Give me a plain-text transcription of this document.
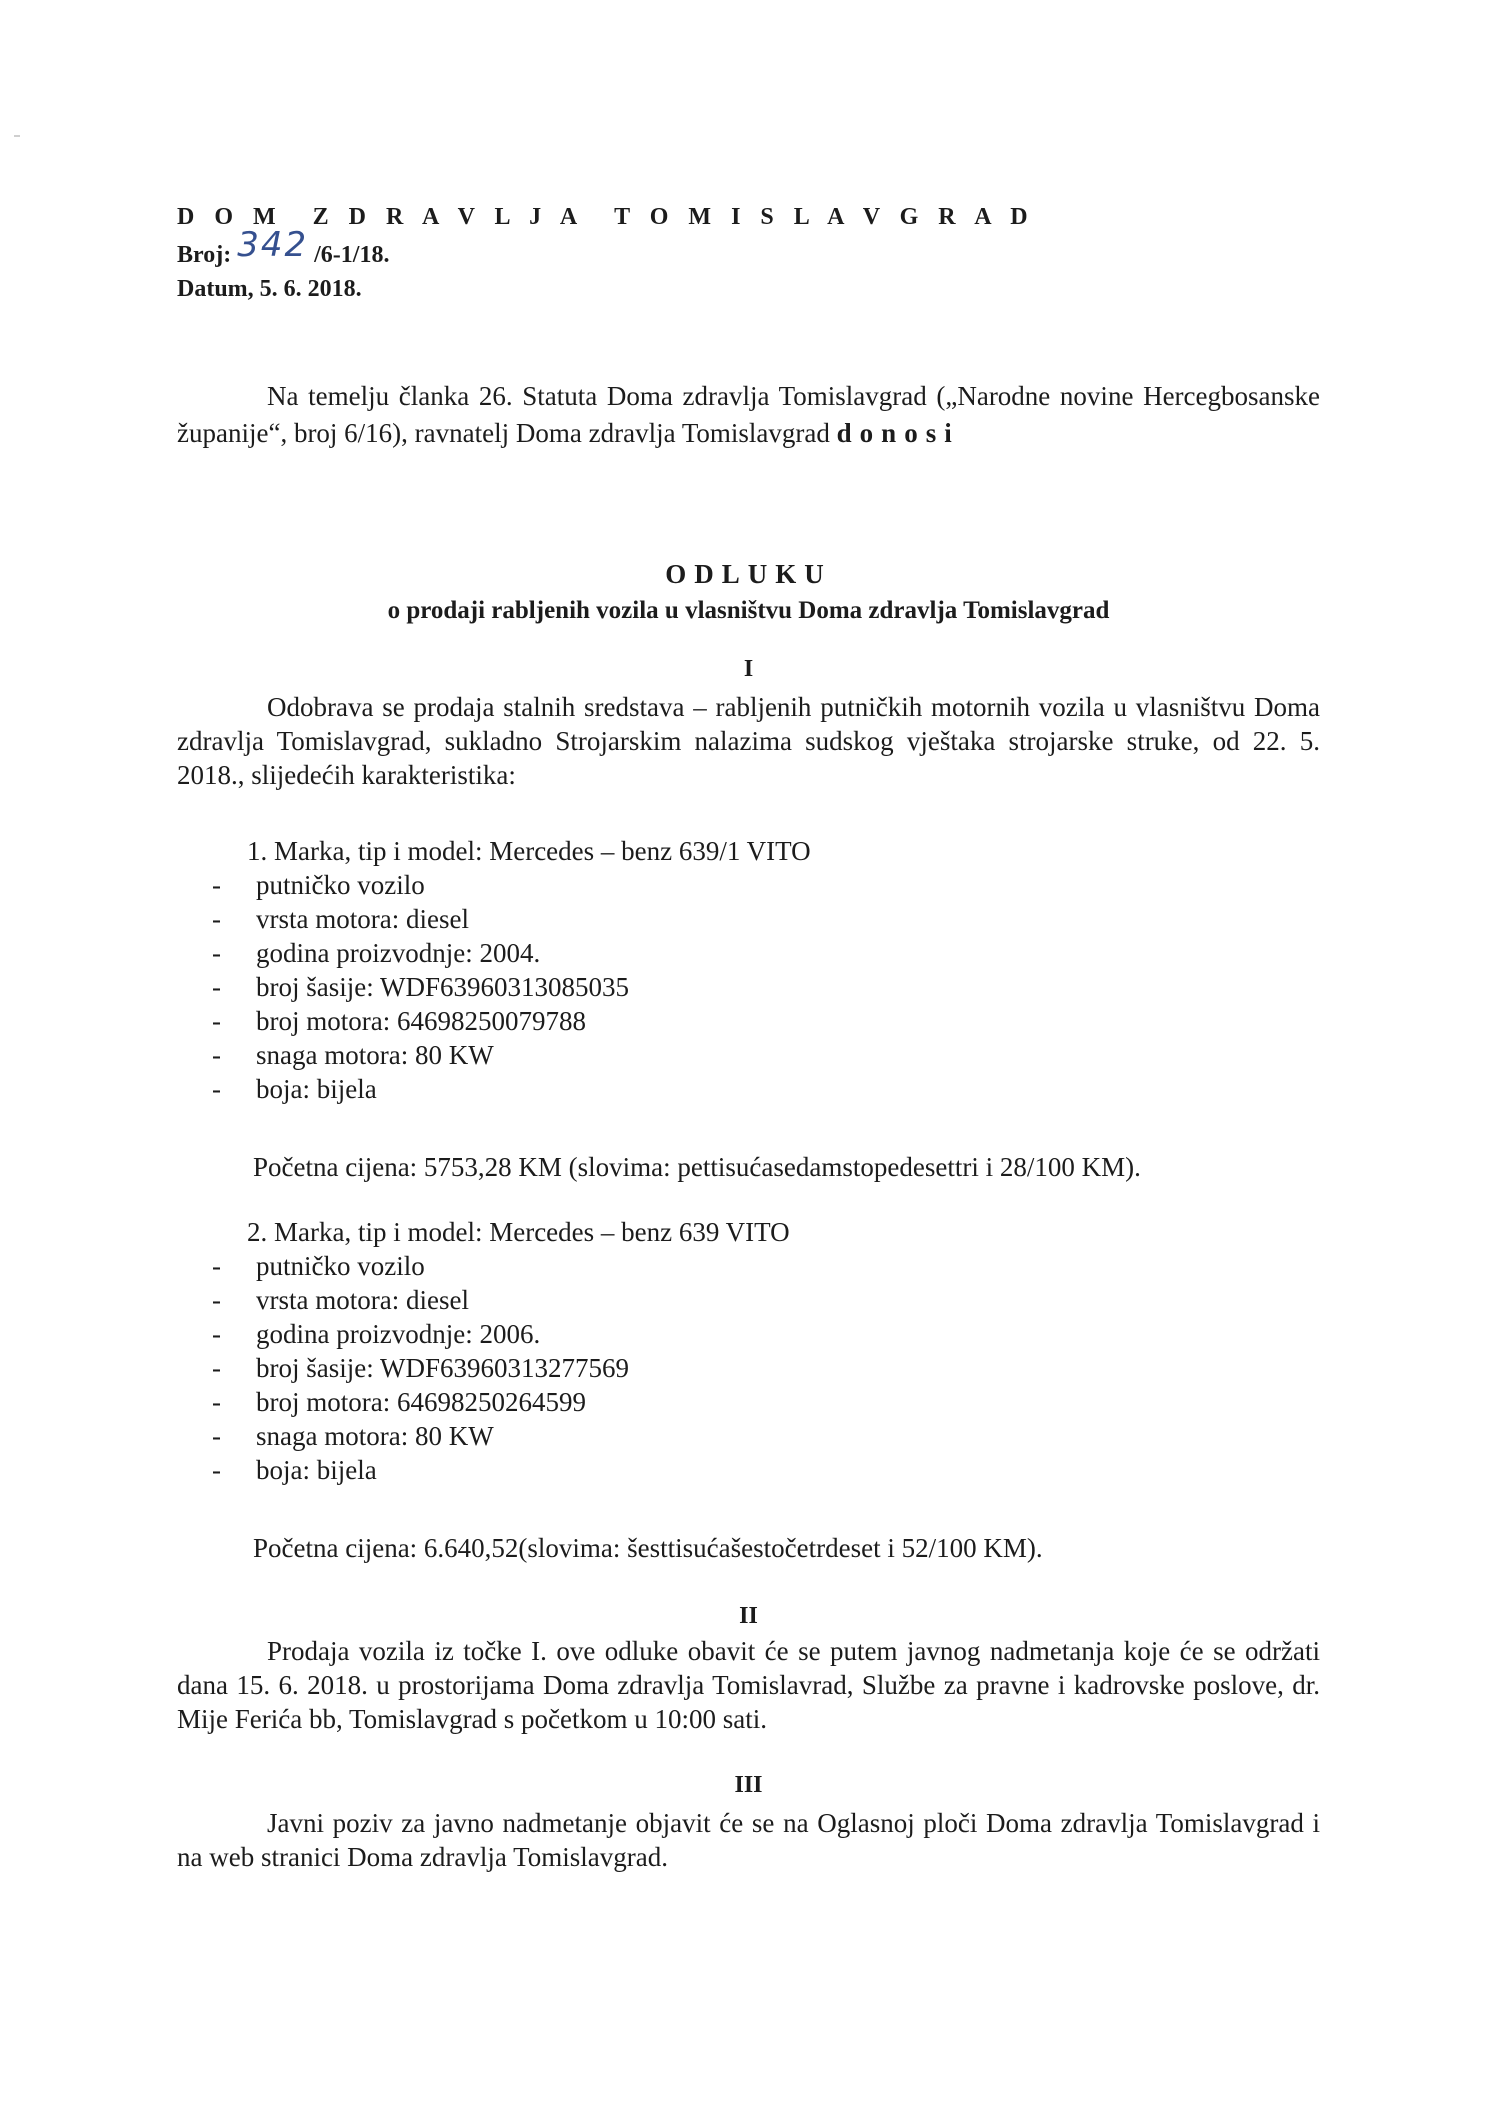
D O M Z D R A V L J A T O M I S L A V G R A D
Broj: 342 /6-1/18.
Datum, 5. 6. 2018.
Na temelju članka 26. Statuta Doma zdravlja Tomislavgrad („Narodne novine Hercegbosanske županije“, broj 6/16), ravnatelj Doma zdravlja Tomislavgrad donosi
ODLUKU
o prodaji rabljenih vozila u vlasništvu Doma zdravlja Tomislavgrad
I
Odobrava se prodaja stalnih sredstava – rabljenih putničkih motornih vozila u vlasništvu Doma zdravlja Tomislavgrad, sukladno Strojarskim nalazima sudskog vještaka strojarske struke, od 22. 5. 2018., slijedećih karakteristika:
1. Marka, tip i model: Mercedes – benz 639/1 VITO
- putničko vozilo
- vrsta motora: diesel
- godina proizvodnje: 2004.
- broj šasije: WDF63960313085035
- broj motora: 64698250079788
- snaga motora: 80 KW
- boja: bijela
Početna cijena: 5753,28 KM (slovima: pettisućasedamstopedesettri i 28/100 KM).
2. Marka, tip i model: Mercedes – benz 639 VITO
- putničko vozilo
- vrsta motora: diesel
- godina proizvodnje: 2006.
- broj šasije: WDF63960313277569
- broj motora: 64698250264599
- snaga motora: 80 KW
- boja: bijela
Početna cijena: 6.640,52(slovima: šesttisućašestočetrdeset i 52/100 KM).
II
Prodaja vozila iz točke I. ove odluke obavit će se putem javnog nadmetanja koje će se održati dana 15. 6. 2018. u prostorijama Doma zdravlja Tomislavrad, Službe za pravne i kadrovske poslove, dr. Mije Ferića bb, Tomislavgrad s početkom u 10:00 sati.
III
Javni poziv za javno nadmetanje objavit će se na Oglasnoj ploči Doma zdravlja Tomislavgrad i na web stranici Doma zdravlja Tomislavgrad.
